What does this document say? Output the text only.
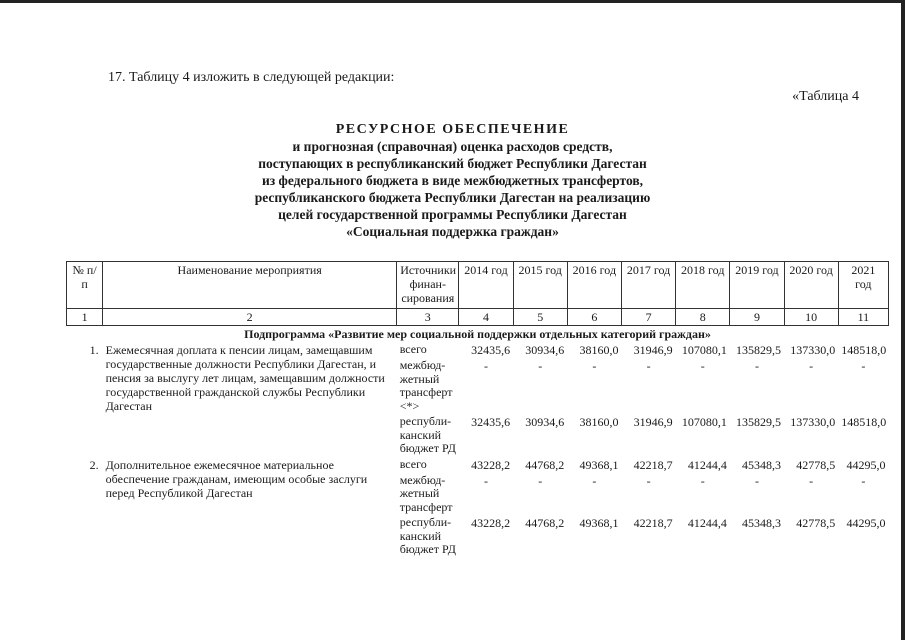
17. Таблицу 4 изложить в следующей редакции:
«Таблица 4
РЕСУРСНОЕ ОБЕСПЕЧЕНИЕ
и прогнозная (справочная) оценка расходов средств,
поступающих в республиканский бюджет Республики Дагестан
из федерального бюджета в виде межбюджетных трансфертов,
республиканского бюджета Республики Дагестан на реализацию
целей государственной программы Республики Дагестан
«Социальная поддержка граждан»
№ п/п	Наименование мероприятия	Источники финан- сирования	2014 год	2015 год	2016 год	2017 год	2018 год	2019 год	2020 год	2021 год
1	2	3	4	5	6	7	8	9	10	11
Подпрограмма «Развитие мер социальной поддержки отдельных категорий граждан»										
1.	Ежемесячная доплата к пенсии лицам, замещавшим государственные должности Республики Дагестан, и пенсия за выслугу лет лицам, замещавшим должности государственной гражданской службы Республики Дагестан	всего	32435,6	30934,6	38160,0	31946,9	107080,1	135829,5	137330,0	148518,0
		межбюд- жетный трансферт <*>	-	-	-	-	-	-	-	-
		республи- канский бюджет РД	32435,6	30934,6	38160,0	31946,9	107080,1	135829,5	137330,0	148518,0
2.	Дополнительное ежемесячное материальное обеспечение гражданам, имеющим особые заслуги перед Республикой Дагестан	всего	43228,2	44768,2	49368,1	42218,7	41244,4	45348,3	42778,5	44295,0
		межбюд- жетный трансферт	-	-	-	-	-	-	-	-
		республи- канский бюджет РД	43228,2	44768,2	49368,1	42218,7	41244,4	45348,3	42778,5	44295,0
